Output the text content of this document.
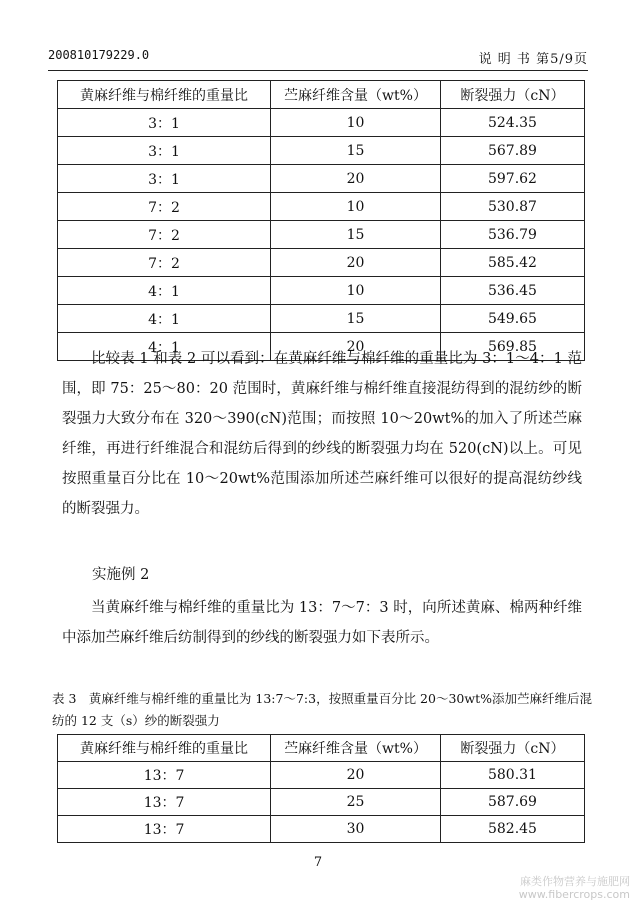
200810179229.0	说 明 书 第5/9页
黄麻纤维与棉纤维的重量比	苎麻纤维含量（wt%）	断裂强力（cN）
3：1	10	524.35
3：1	15	567.89
3：1	20	597.62
7：2	10	530.87
7：2	15	536.79
7：2	20	585.42
4：1	10	536.45
4：1	15	549.65
4：1	20	569.85

比较表 1 和表 2 可以看到：在黄麻纤维与棉纤维的重量比为 3：1～4：1 范围，即 75：25～80：20 范围时，黄麻纤维与棉纤维直接混纺得到的混纺纱的断裂强力大致分布在 320～390(cN)范围；而按照 10～20wt%的加入了所述苎麻纤维，再进行纤维混合和混纺后得到的纱线的断裂强力均在 520(cN)以上。可见按照重量百分比在 10～20wt%范围添加所述苎麻纤维可以很好的提高混纺纱线的断裂强力。

实施例 2

当黄麻纤维与棉纤维的重量比为 13：7～7：3 时，向所述黄麻、棉两种纤维中添加苎麻纤维后纺制得到的纱线的断裂强力如下表所示。

表 3　黄麻纤维与棉纤维的重量比为 13:7～7:3，按照重量百分比 20～30wt%添加苎麻纤维后混纺的 12 支（s）纱的断裂强力

黄麻纤维与棉纤维的重量比	苎麻纤维含量（wt%）	断裂强力（cN）
13：7	20	580.31
13：7	25	587.69
13：7	30	582.45
7
麻类作物营养与施肥网
www.fibercrops.com
